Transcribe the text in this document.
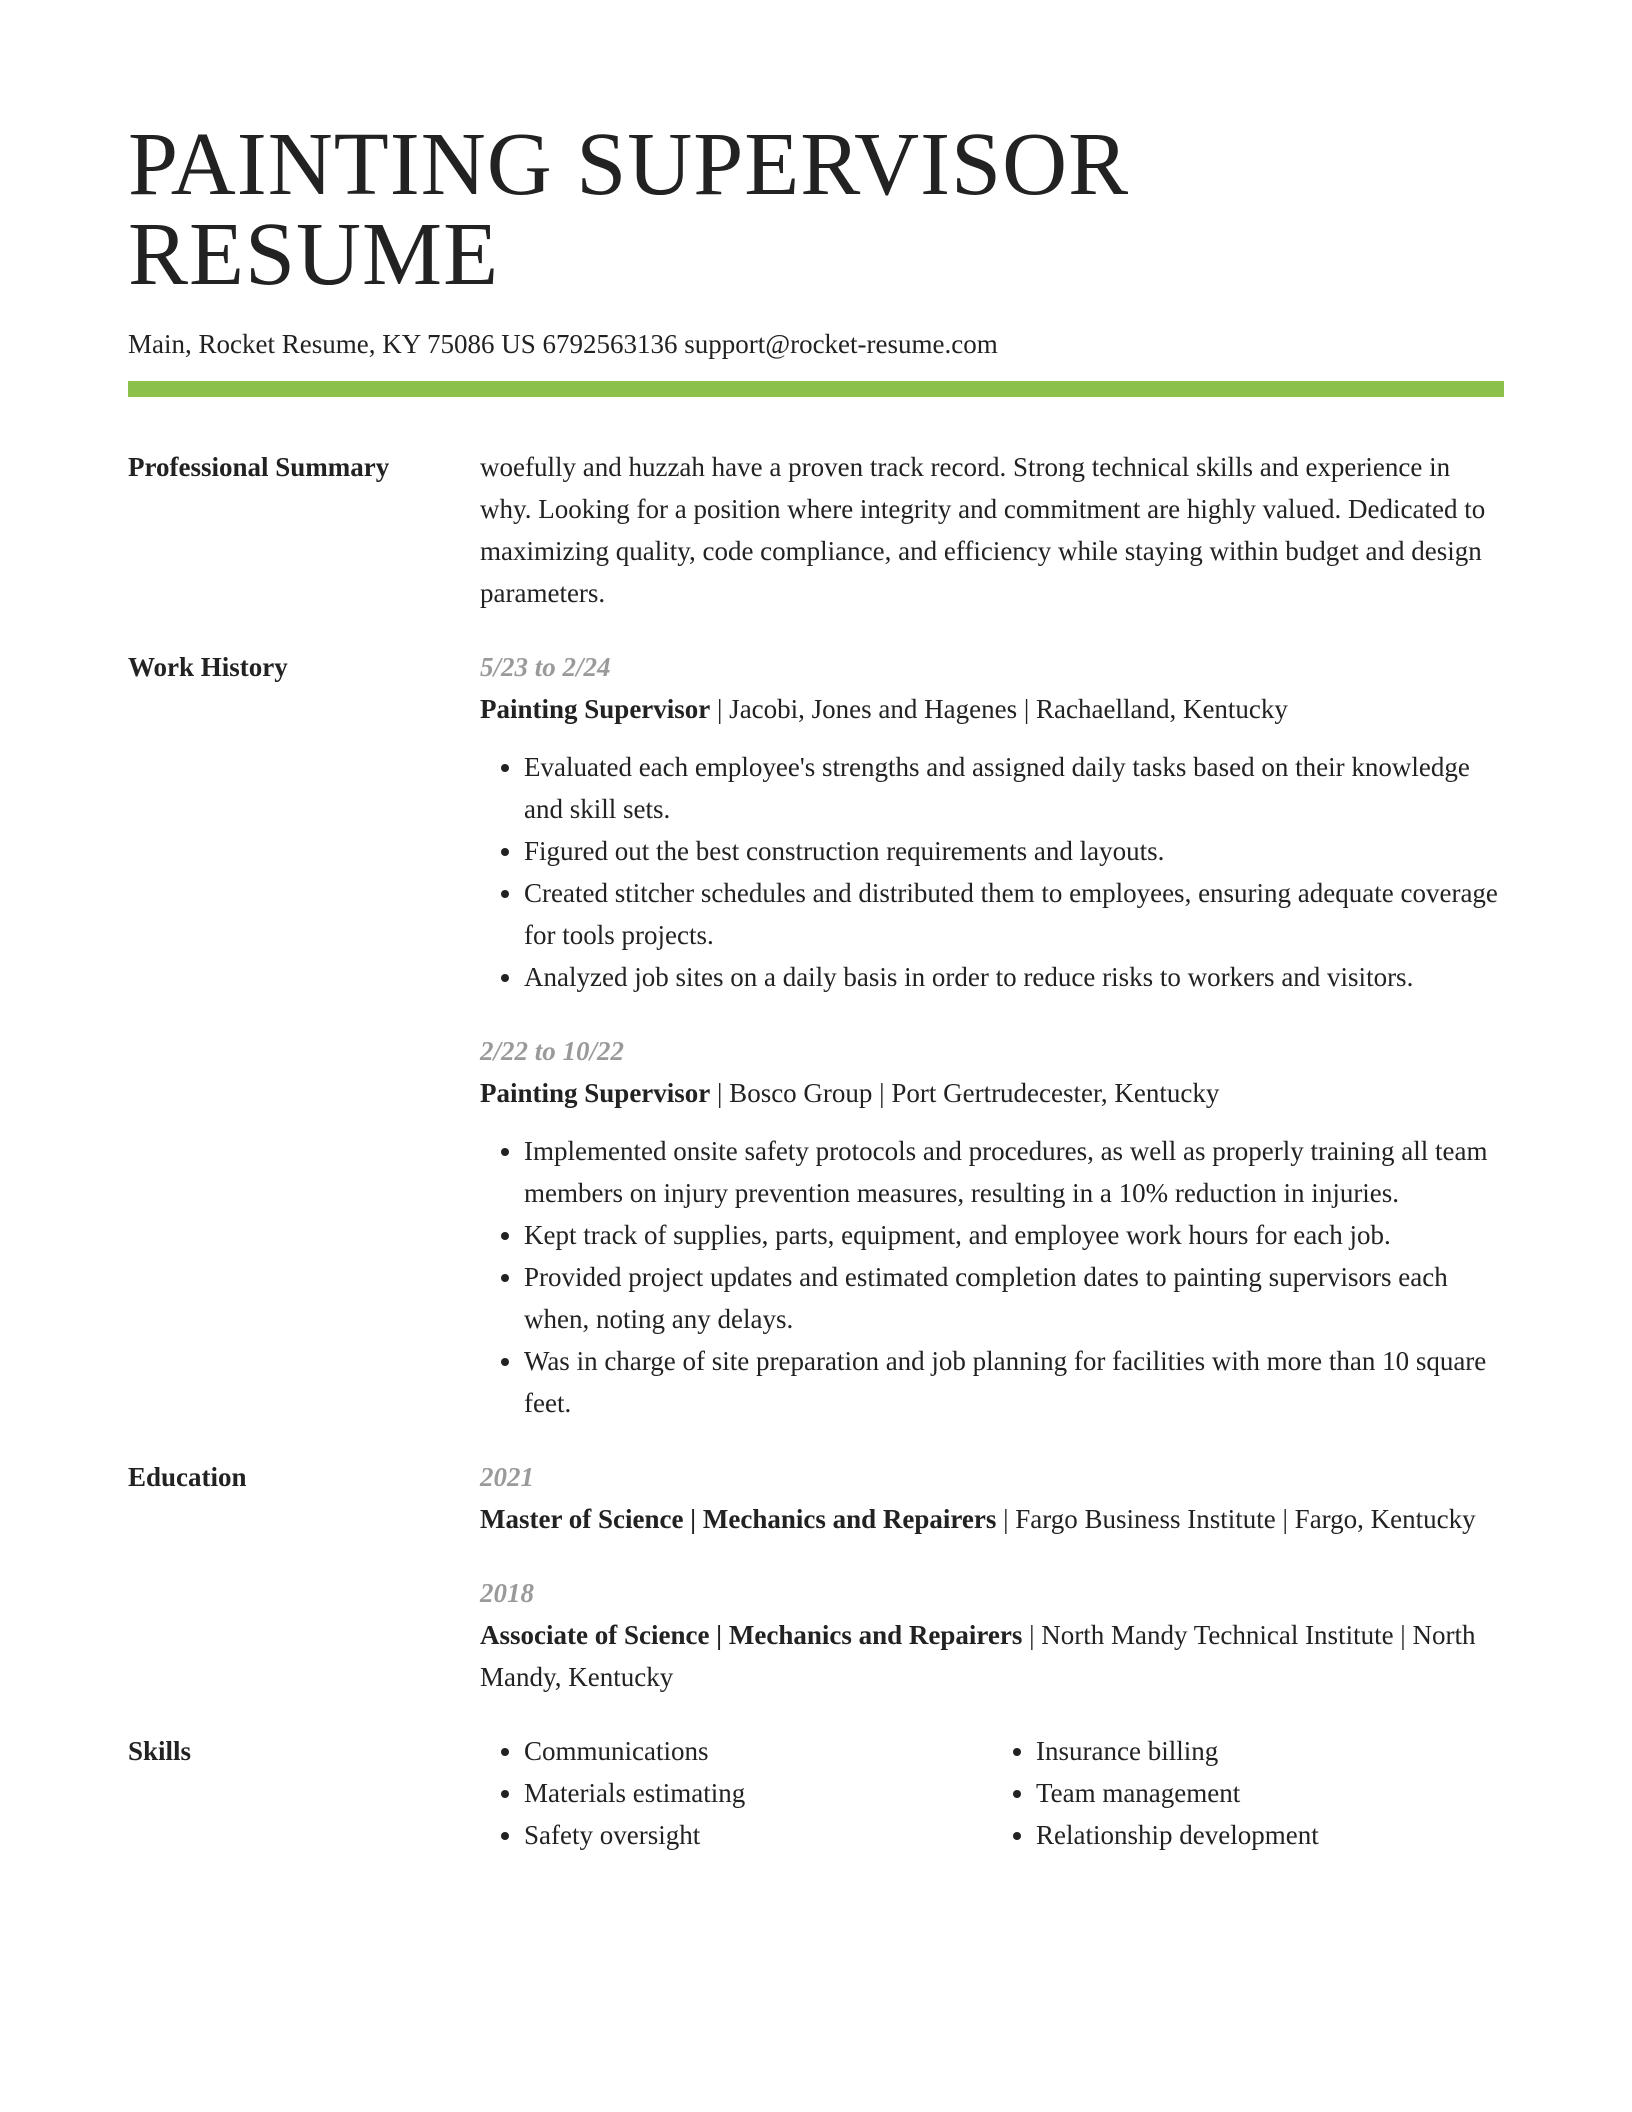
PAINTING SUPERVISOR RESUME
Main, Rocket Resume, KY 75086 US 6792563136 support@rocket-resume.com
Professional Summary	woefully and huzzah have a proven track record. Strong technical skills and experience in why. Looking for a position where integrity and commitment are highly valued. Dedicated to maximizing quality, code compliance, and efficiency while staying within budget and design parameters.
Work History	5/23 to 2/24
Painting Supervisor | Jacobi, Jones and Hagenes | Rachaelland, Kentucky
• Evaluated each employee's strengths and assigned daily tasks based on their knowledge and skill sets.
• Figured out the best construction requirements and layouts.
• Created stitcher schedules and distributed them to employees, ensuring adequate coverage for tools projects.
• Analyzed job sites on a daily basis in order to reduce risks to workers and visitors.
2/22 to 10/22
Painting Supervisor | Bosco Group | Port Gertrudecester, Kentucky
• Implemented onsite safety protocols and procedures, as well as properly training all team members on injury prevention measures, resulting in a 10% reduction in injuries.
• Kept track of supplies, parts, equipment, and employee work hours for each job.
• Provided project updates and estimated completion dates to painting supervisors each when, noting any delays.
• Was in charge of site preparation and job planning for facilities with more than 10 square feet.
Education	2021
Master of Science | Mechanics and Repairers | Fargo Business Institute | Fargo, Kentucky
2018
Associate of Science | Mechanics and Repairers | North Mandy Technical Institute | North Mandy, Kentucky
Skills
•	Communications
• Materials estimating
• Safety oversight
• Insurance billing
• Team management
• Relationship development
